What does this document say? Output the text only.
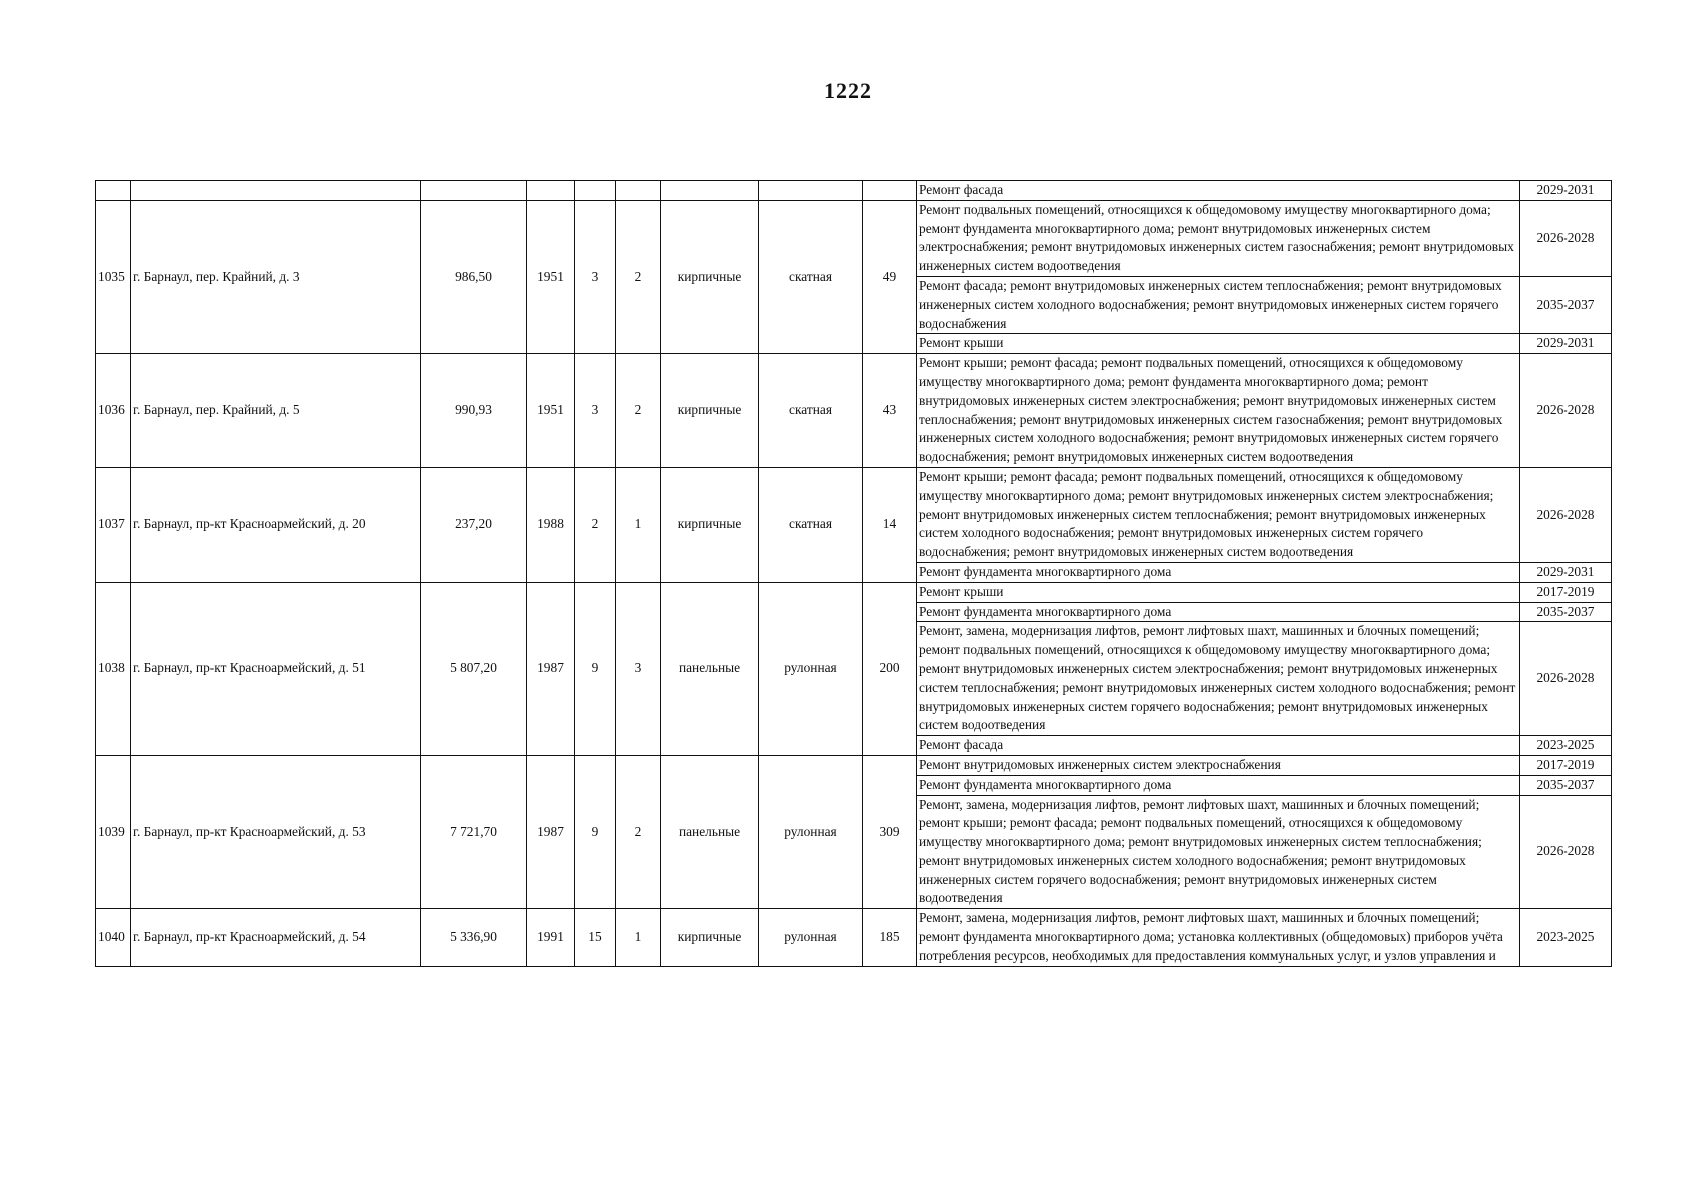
1222
									Ремонт фасада	2029-2031
1035	г. Барнаул, пер. Крайний, д. 3	986,50	1951	3	2	кирпичные	скатная	49	Ремонт подвальных помещений, относящихся к общедомовому имуществу многоквартирного дома; ремонт фундамента многоквартирного дома; ремонт внутридомовых инженерных систем электроснабжения; ремонт внутридомовых инженерных систем газоснабжения; ремонт внутридомовых инженерных систем водоотведения	2026-2028
									Ремонт фасада; ремонт внутридомовых инженерных систем теплоснабжения; ремонт внутридомовых инженерных систем холодного водоснабжения; ремонт внутридомовых инженерных систем горячего водоснабжения	2035-2037
									Ремонт крыши	2029-2031
1036	г. Барнаул, пер. Крайний, д. 5	990,93	1951	3	2	кирпичные	скатная	43	Ремонт крыши; ремонт фасада; ремонт подвальных помещений, относящихся к общедомовому имуществу многоквартирного дома; ремонт фундамента многоквартирного дома; ремонт внутридомовых инженерных систем электроснабжения; ремонт внутридомовых инженерных систем теплоснабжения; ремонт внутридомовых инженерных систем газоснабжения; ремонт внутридомовых инженерных систем холодного водоснабжения; ремонт внутридомовых инженерных систем горячего водоснабжения; ремонт внутридомовых инженерных систем водоотведения	2026-2028
1037	г. Барнаул, пр-кт Красноармейский, д. 20	237,20	1988	2	1	кирпичные	скатная	14	Ремонт крыши; ремонт фасада; ремонт подвальных помещений, относящихся к общедомовому имуществу многоквартирного дома; ремонт внутридомовых инженерных систем электроснабжения; ремонт внутридомовых инженерных систем теплоснабжения; ремонт внутридомовых инженерных систем холодного водоснабжения; ремонт внутридомовых инженерных систем горячего водоснабжения; ремонт внутридомовых инженерных систем водоотведения	2026-2028
									Ремонт фундамента многоквартирного дома	2029-2031
1038	г. Барнаул, пр-кт Красноармейский, д. 51	5 807,20	1987	9	3	панельные	рулонная	200	Ремонт крыши	2017-2019
									Ремонт фундамента многоквартирного дома	2035-2037
									Ремонт, замена, модернизация лифтов, ремонт лифтовых шахт, машинных и блочных помещений; ремонт подвальных помещений, относящихся к общедомовому имуществу многоквартирного дома; ремонт внутридомовых инженерных систем электроснабжения; ремонт внутридомовых инженерных систем теплоснабжения; ремонт внутридомовых инженерных систем холодного водоснабжения; ремонт внутридомовых инженерных систем горячего водоснабжения; ремонт внутридомовых инженерных систем водоотведения	2026-2028
									Ремонт фасада	2023-2025
1039	г. Барнаул, пр-кт Красноармейский, д. 53	7 721,70	1987	9	2	панельные	рулонная	309	Ремонт внутридомовых инженерных систем электроснабжения	2017-2019
									Ремонт фундамента многоквартирного дома	2035-2037
									Ремонт, замена, модернизация лифтов, ремонт лифтовых шахт, машинных и блочных помещений; ремонт крыши; ремонт фасада; ремонт подвальных помещений, относящихся к общедомовому имуществу многоквартирного дома; ремонт внутридомовых инженерных систем теплоснабжения; ремонт внутридомовых инженерных систем холодного водоснабжения; ремонт внутридомовых инженерных систем горячего водоснабжения; ремонт внутридомовых инженерных систем водоотведения	2026-2028
1040	г. Барнаул, пр-кт Красноармейский, д. 54	5 336,90	1991	15	1	кирпичные	рулонная	185	Ремонт, замена, модернизация лифтов, ремонт лифтовых шахт, машинных и блочных помещений; ремонт фундамента многоквартирного дома; установка коллективных (общедомовых) приборов учёта потребления ресурсов, необходимых для предоставления коммунальных услуг, и узлов управления и	2023-2025
